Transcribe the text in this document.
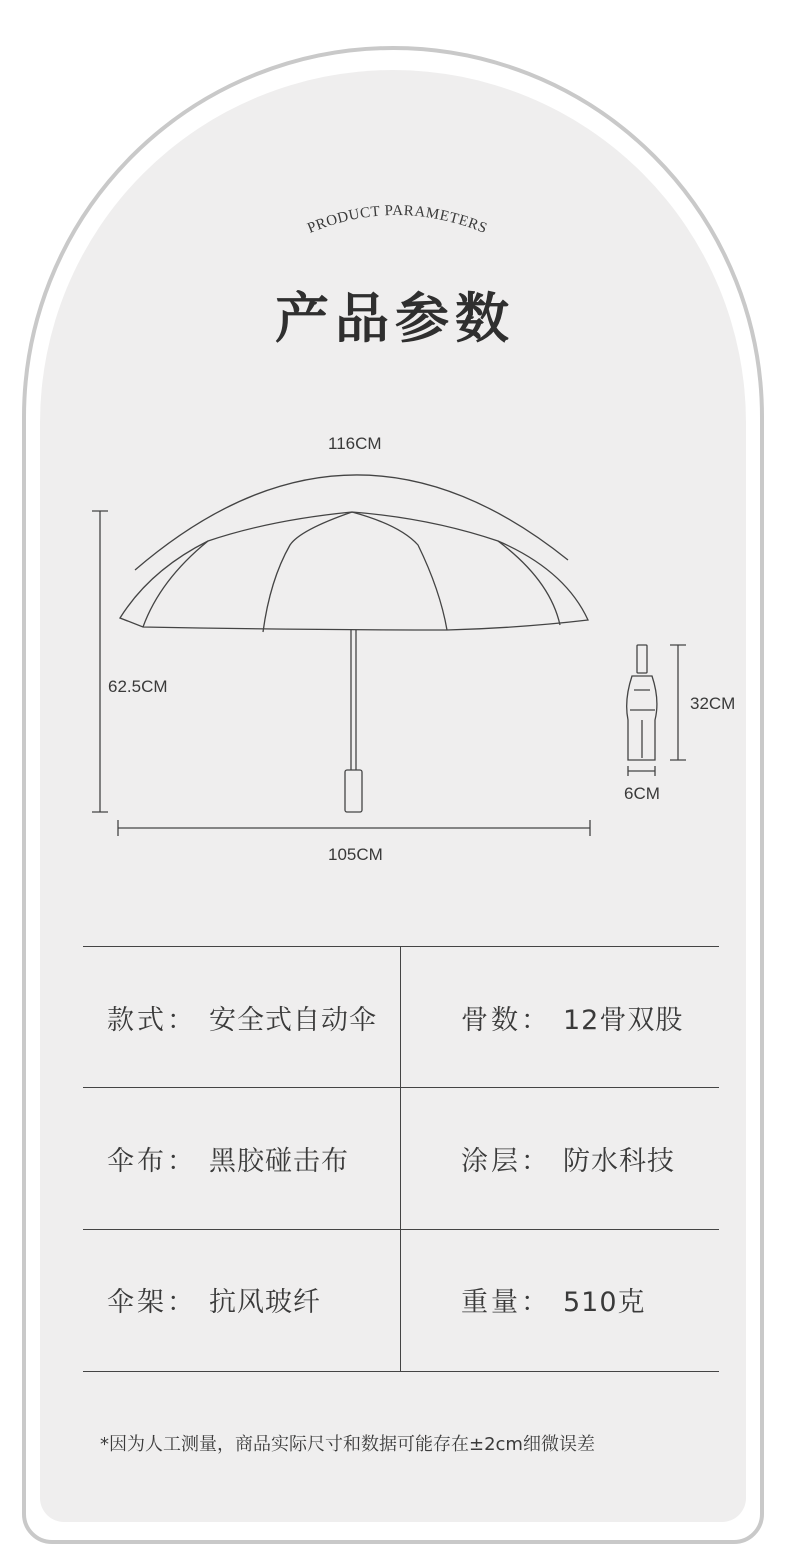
PRODUCT PARAMETERS
产品参数
116CM
62.5CM
105CM
32CM
6CM
款式： 安全式自动伞	骨数： 12骨双股
伞布： 黑胶碰击布	涂层： 防水科技
伞架： 抗风玻纤	重量： 510克
*因为人工测量，商品实际尺寸和数据可能存在±2cm细微误差
